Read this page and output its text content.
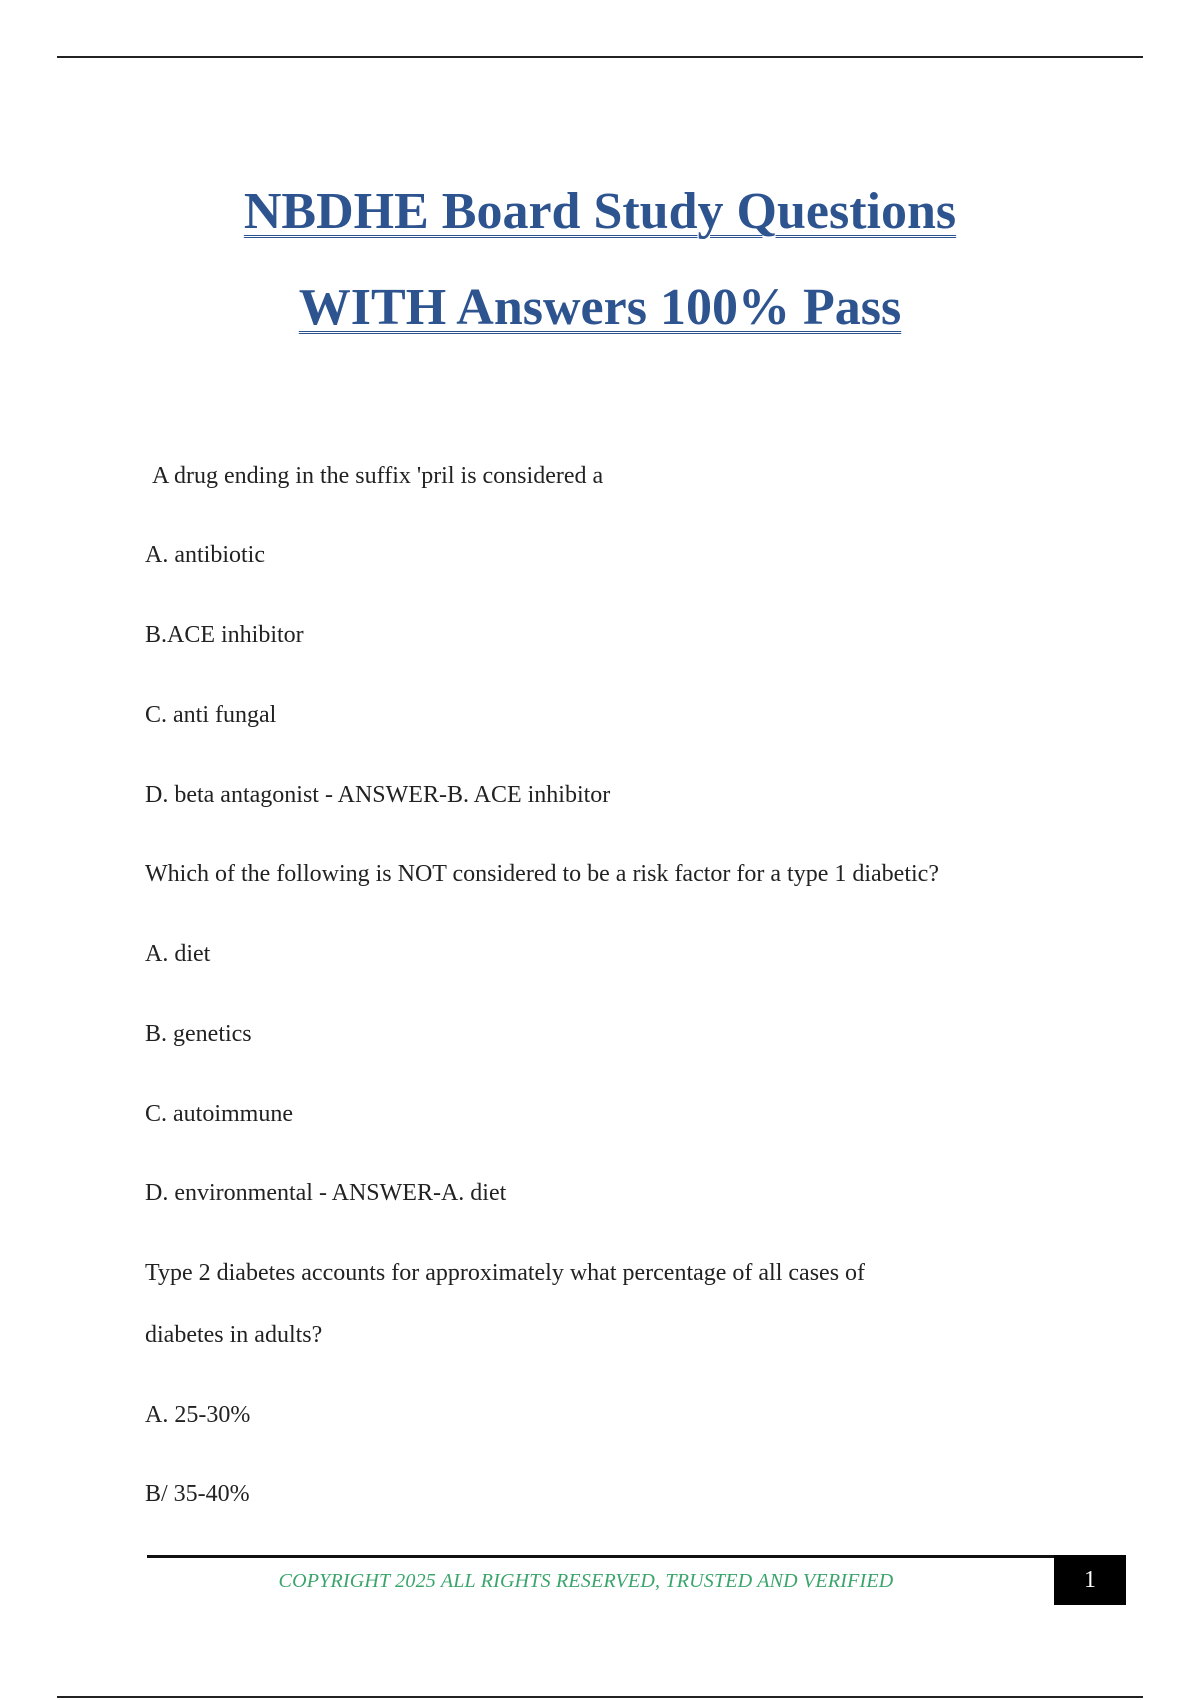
NBDHE Board Study Questions
WITH Answers 100% Pass
A drug ending in the suffix 'pril is considered a
A. antibiotic
B.ACE inhibitor
C. anti fungal
D. beta antagonist - ANSWER-B. ACE inhibitor
Which of the following is NOT considered to be a risk factor for a type 1 diabetic?
A. diet
B. genetics
C. autoimmune
D. environmental - ANSWER-A. diet
Type 2 diabetes accounts for approximately what percentage of all cases of
diabetes in adults?
A. 25-30%
B/ 35-40%
COPYRIGHT 2025 ALL RIGHTS RESERVED, TRUSTED AND VERIFIED	1
